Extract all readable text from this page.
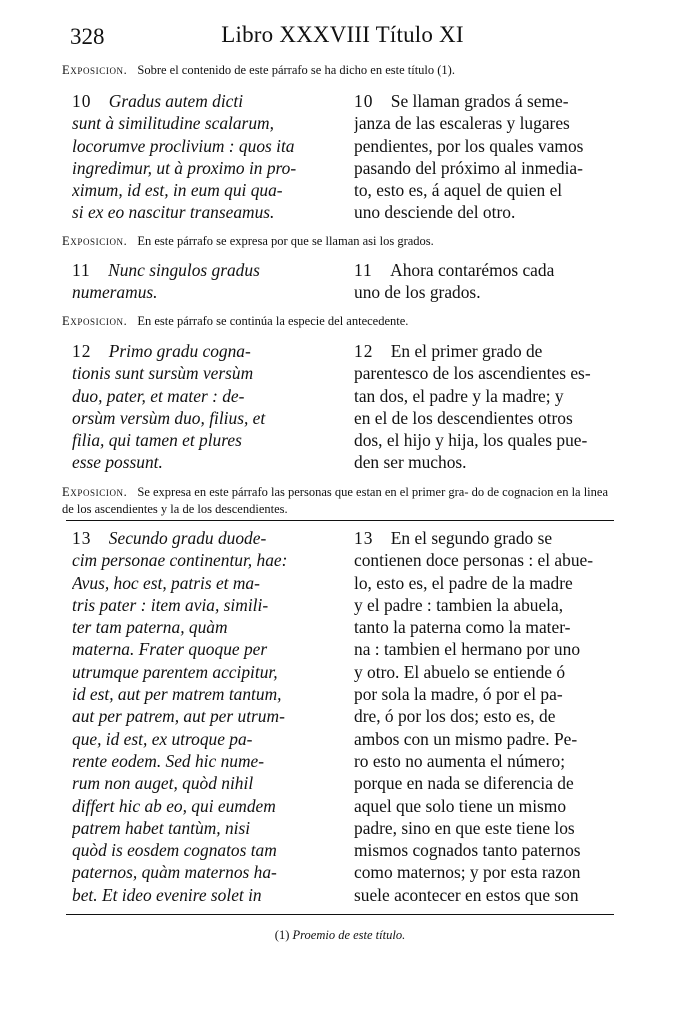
328	Libro XXXVIII Título XI
Exposicion. Sobre el contenido de este párrafo se ha dicho en este título (1).
10  Gradus autem dicti
sunt à similitudine scalarum,
locorumve proclivium : quos ita
ingredimur, ut à proximo in pro-
ximum, id est, in eum qui qua-
si ex eo nascitur transeamus.
10  Se llaman grados á seme-
janza de las escaleras y lugares
pendientes, por los quales vamos
pasando del próximo al inmedia-
to, esto es, á aquel de quien el
uno desciende del otro.
Exposicion. En este párrafo se expresa por que se llaman asi los grados.
11  Nunc singulos gradus
numeramus.
11  Ahora contarémos cada
uno de los grados.
Exposicion. En este párrafo se continúa la especie del antecedente.
12  Primo gradu cogna-
tionis sunt sursùm versùm
duo, pater, et mater : de-
orsùm versùm duo, filius, et
filia, qui tamen et plures
esse possunt.
12  En el primer grado de
parentesco de los ascendientes es-
tan dos, el padre y la madre; y
en el de los descendientes otros
dos, el hijo y hija, los quales pue-
den ser muchos.
Exposicion. Se expresa en este párrafo las personas que estan en el primer gra- do de cognacion en la linea de los ascendientes y la de los descendientes.
13  Secundo gradu duode-
cim personae continentur, hae:
Avus, hoc est, patris et ma-
tris pater : item avia, simili-
ter tam paterna, quàm
materna. Frater quoque per
utrumque parentem accipitur,
id est, aut per matrem tantum,
aut per patrem, aut per utrum-
que, id est, ex utroque pa-
rente eodem. Sed hic nume-
rum non auget, quòd nihil
differt hic ab eo, qui eumdem
patrem habet tantùm, nisi
quòd is eosdem cognatos tam
paternos, quàm maternos ha-
bet. Et ideo evenire solet in
13  En el segundo grado se
contienen doce personas : el abue-
lo, esto es, el padre de la madre
y el padre : tambien la abuela,
tanto la paterna como la mater-
na : tambien el hermano por uno
y otro. El abuelo se entiende ó
por sola la madre, ó por el pa-
dre, ó por los dos; esto es, de
ambos con un mismo padre. Pe-
ro esto no aumenta el número;
porque en nada se diferencia de
aquel que solo tiene un mismo
padre, sino en que este tiene los
mismos cognados tanto paternos
como maternos; y por esta razon
suele acontecer en estos que son
(1) Proemio de este título.
